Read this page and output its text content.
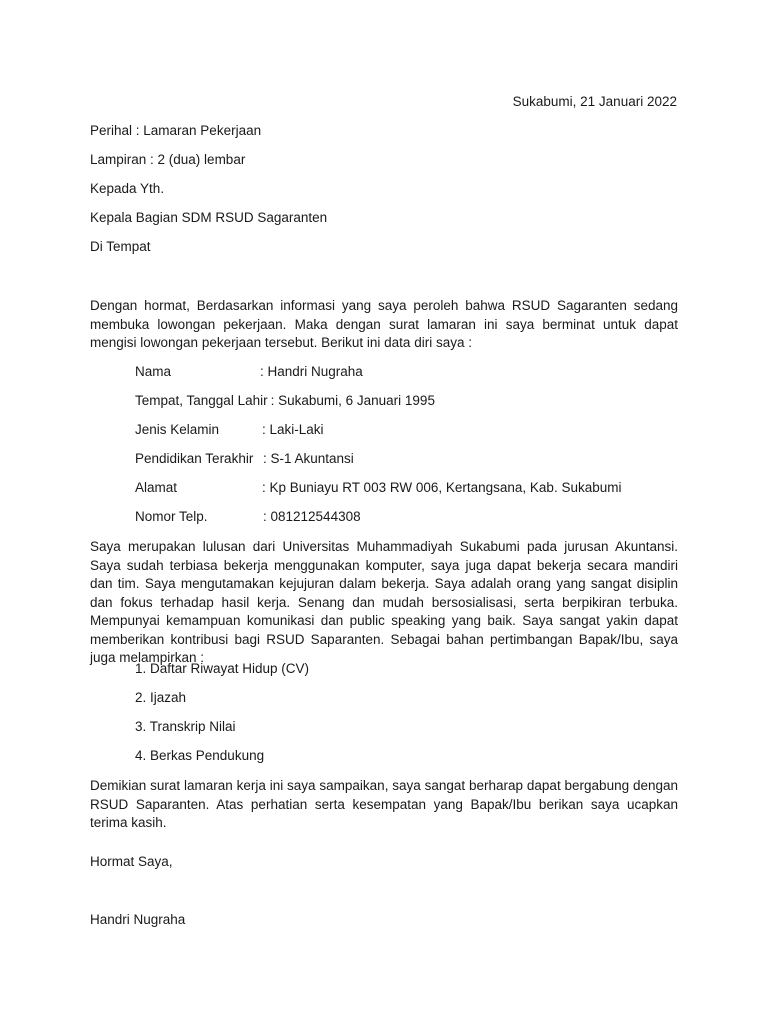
Sukabumi, 21 Januari 2022
Perihal : Lamaran Pekerjaan
Lampiran : 2 (dua) lembar
Kepada Yth.
Kepala Bagian SDM RSUD Sagaranten
Di Tempat
Dengan hormat, Berdasarkan informasi yang saya peroleh bahwa RSUD Sagaranten sedang membuka lowongan pekerjaan. Maka dengan surat lamaran ini saya berminat untuk dapat mengisi lowongan pekerjaan tersebut. Berikut ini data diri saya :
Nama	: Handri Nugraha
Tempat, Tanggal Lahir : Sukabumi, 6 Januari 1995
Jenis Kelamin	: Laki-Laki
Pendidikan Terakhir : S-1 Akuntansi
Alamat	: Kp Buniayu RT 003 RW 006, Kertangsana, Kab. Sukabumi
Nomor Telp.	: 081212544308
Saya merupakan lulusan dari Universitas Muhammadiyah Sukabumi pada jurusan Akuntansi. Saya sudah terbiasa bekerja menggunakan komputer, saya juga dapat bekerja secara mandiri dan tim. Saya mengutamakan kejujuran dalam bekerja. Saya adalah orang yang sangat disiplin dan fokus terhadap hasil kerja. Senang dan mudah bersosialisasi, serta berpikiran terbuka. Mempunyai kemampuan komunikasi dan public speaking yang baik. Saya sangat yakin dapat memberikan kontribusi bagi RSUD Saparanten. Sebagai bahan pertimbangan Bapak/Ibu, saya juga melampirkan :
1. Daftar Riwayat Hidup (CV)
2. Ijazah
3. Transkrip Nilai
4. Berkas Pendukung
Demikian surat lamaran kerja ini saya sampaikan, saya sangat berharap dapat bergabung dengan RSUD Saparanten. Atas perhatian serta kesempatan yang Bapak/Ibu berikan saya ucapkan terima kasih.
Hormat Saya,
Handri Nugraha
